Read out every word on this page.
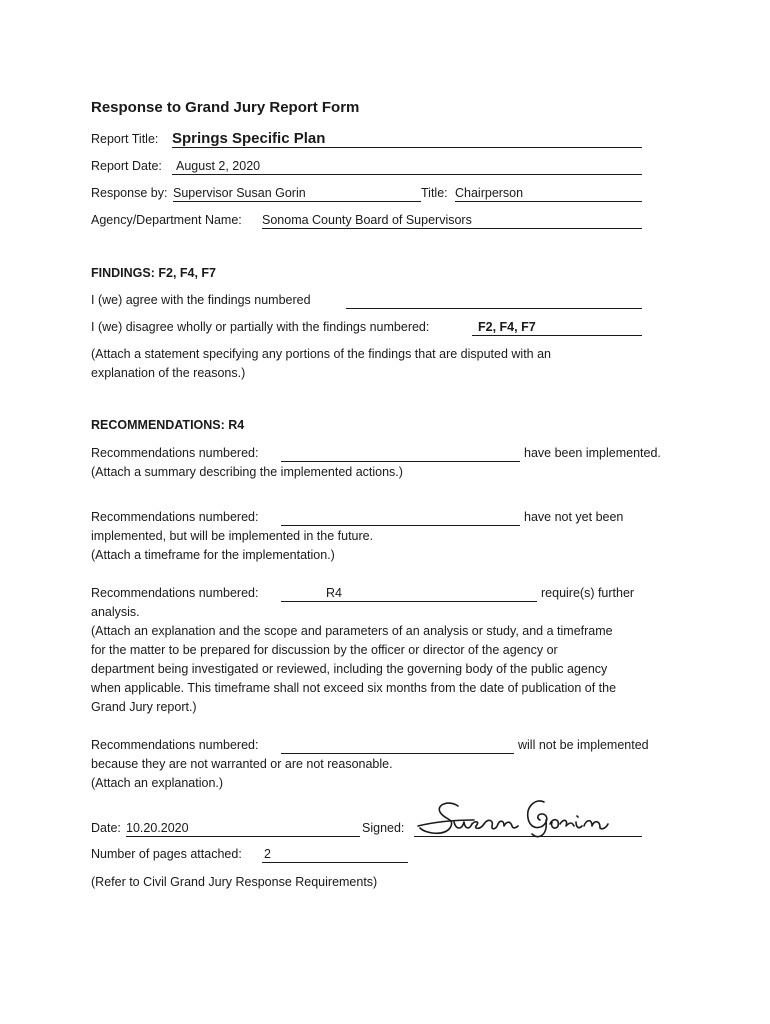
Response to Grand Jury Report Form
Report Title: Springs Specific Plan
Report Date:	August 2, 2020
Response by: Supervisor Susan Gorin	Title: Chairperson
Agency/Department Name: Sonoma County Board of Supervisors
FINDINGS: F2, F4, F7
I (we) agree with the findings numbered
I (we) disagree wholly or partially with the findings numbered:	F2, F4, F7
(Attach a statement specifying any portions of the findings that are disputed with an
explanation of the reasons.)
RECOMMENDATIONS: R4
Recommendations numbered:	have been implemented.
(Attach a summary describing the implemented actions.)
Recommendations numbered:	have not yet been
implemented, but will be implemented in the future.
(Attach a timeframe for the implementation.)
Recommendations numbered:	R4	require(s) further
analysis.
(Attach an explanation and the scope and parameters of an analysis or study, and a timeframe
for the matter to be prepared for discussion by the officer or director of the agency or
department being investigated or reviewed, including the governing body of the public agency
when applicable. This timeframe shall not exceed six months from the date of publication of the
Grand Jury report.)
Recommendations numbered:	will not be implemented
because they are not warranted or are not reasonable.
(Attach an explanation.)
Date: 10.20.2020	Signed:
Number of pages attached: 2
(Refer to Civil Grand Jury Response Requirements)
